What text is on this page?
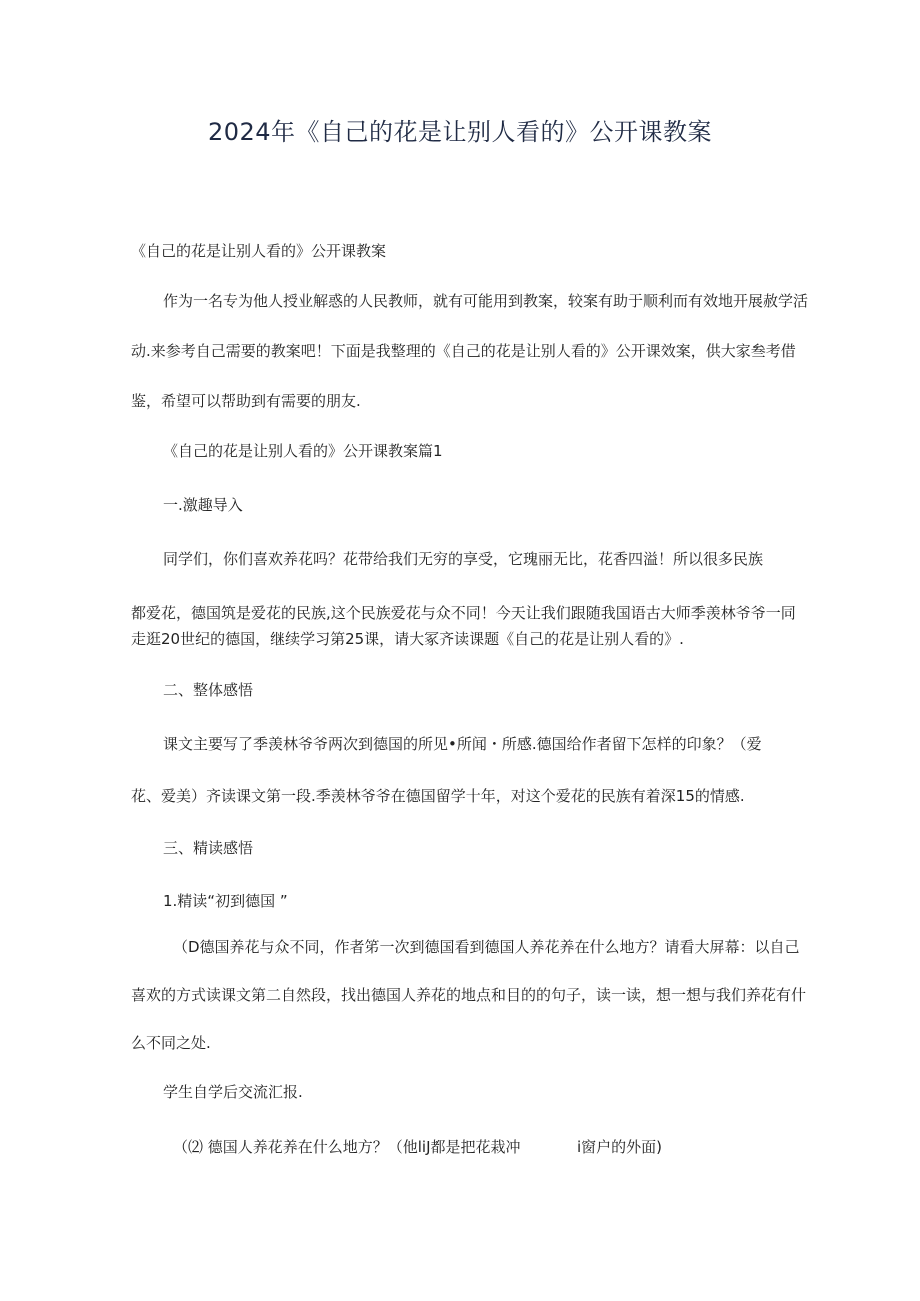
2024年《自己的花是让别人看的》公开课教案
《自己的花是让别人看的》公开课教案
作为一名专为他人授业解惑的人民教师，就有可能用到教案，较案有助于顺利而有效地开展赦学活
动.来参考自己需要的教案吧！下面是我整理的《自己的花是让别人看的》公开课效案，供大家叁考借
鉴，希望可以帮助到有需要的朋友.
《自己的花是让别人看的》公开课教案篇1
一.激趣导入
同学们，你们喜欢养花吗？花带给我们无穷的享受，它瑰丽无比，花香四溢！所以很多民族
都爱花，德国筑是爱花的民族,这个民族爱花与众不同！今天让我们跟随我国语古大师季羡林爷爷一同
走逛20世纪的德国，继续学习第25课，请大冢齐读课题《自己的花是让别人看的》.
二、整体感悟
课文主要写了季羡林爷爷两次到德国的所见•所闻・所感.德国给作者留下怎样的印象？（爱
花、爱美）齐读课文第一段.季羡林爷爷在德国留学十年，对这个爱花的民族有着深15的情感.
三、精读感悟
1.精读“初到德国 ”
（D德国养花与众不同，作者笫一次到德国看到德国人养花养在什么地方？请看大屏幕：以自己
喜欢的方式读课文第二自然段，找出德国人养花的地点和目的的句子，读一读，想一想与我们养花有什
么不同之处.
学生自学后交流汇报.
（⑵ 德国人养花养在什么地方？（他liJ都是把花栽冲	i窗户的外面)
